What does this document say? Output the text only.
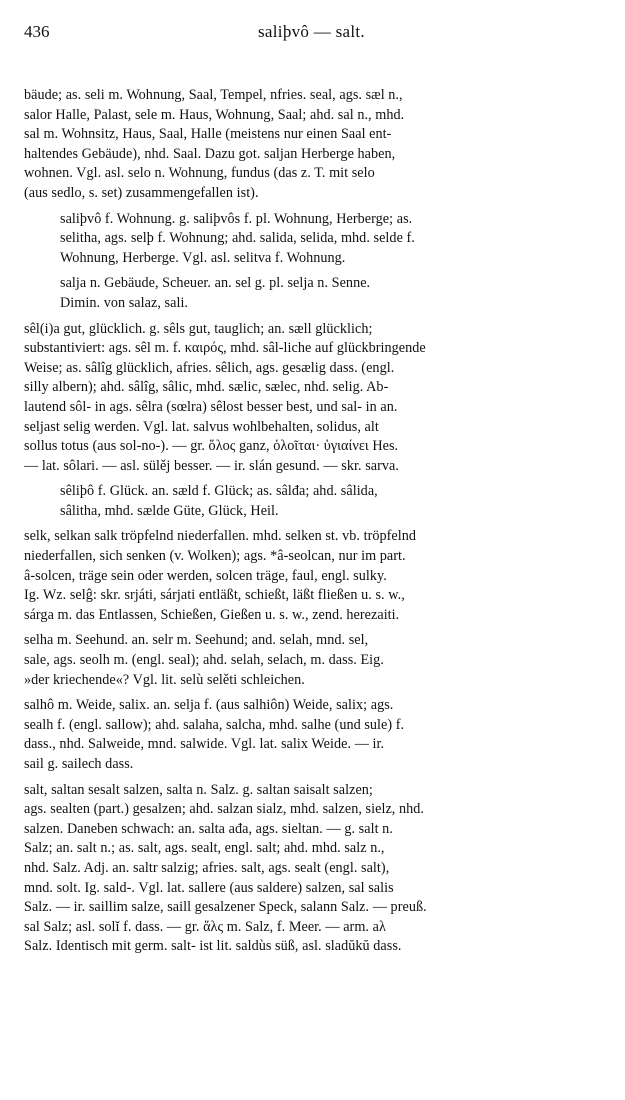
436	saliþvô — salt.
bäude; as. seli m. Wohnung, Saal, Tempel, nfries. seal, ags. sæl n.,
salor Halle, Palast, sele m. Haus, Wohnung, Saal; ahd. sal n., mhd.
sal m. Wohnsitz, Haus, Saal, Halle (meistens nur einen Saal ent-
haltendes Gebäude), nhd. Saal. Dazu got. saljan Herberge haben,
wohnen. Vgl. asl. selo n. Wohnung, fundus (das z. T. mit selo
(aus sedlo, s. set) zusammengefallen ist).
saliþvô f. Wohnung. g. saliþvôs f. pl. Wohnung, Herberge; as.
selitha, ags. selþ f. Wohnung; ahd. salida, selida, mhd. selde f.
Wohnung, Herberge. Vgl. asl. selitva f. Wohnung.
salja n. Gebäude, Scheuer. an. sel g. pl. selja n. Senne.
Dimin. von salaz, sali.
sêl(i)a gut, glücklich. g. sêls gut, tauglich; an. sæll glücklich;
substantiviert: ags. sêl m. f. καιρός, mhd. sâl-liche auf glückbringende
Weise; as. sâlîg glücklich, afries. sêlich, ags. gesælig dass. (engl.
silly albern); ahd. sâlîg, sâlic, mhd. sælic, sælec, nhd. selig. Ab-
lautend sôl- in ags. sêlra (sœlra) sêlost besser best, und sal- in an.
seljast selig werden. Vgl. lat. salvus wohlbehalten, solidus, alt
sollus totus (aus sol-no-). — gr. ὅλος ganz, ὁλοῖται· ὑγιαίνει Hes.
— lat. sôlari. — asl. sülěj besser. — ir. slán gesund. — skr. sarva.
sêliþô f. Glück. an. sæld f. Glück; as. sâlđa; ahd. sâlida,
sâlitha, mhd. sælde Güte, Glück, Heil.
selk, selkan salk tröpfelnd niederfallen. mhd. selken st. vb. tröpfelnd
niederfallen, sich senken (v. Wolken); ags. *â-seolcan, nur im part.
â-solcen, träge sein oder werden, solcen träge, faul, engl. sulky.
Ig. Wz. selĝ: skr. srjáti, sárjati entläßt, schießt, läßt fließen u. s. w.,
sárga m. das Entlassen, Schießen, Gießen u. s. w., zend. herezaiti.
selha m. Seehund. an. selr m. Seehund; and. selah, mnd. sel,
sale, ags. seolh m. (engl. seal); ahd. selah, selach, m. dass. Eig.
»der kriechende«? Vgl. lit. selù selěti schleichen.
salhô m. Weide, salix. an. selja f. (aus salhiôn) Weide, salix; ags.
sealh f. (engl. sallow); ahd. salaha, salcha, mhd. salhe (und sule) f.
dass., nhd. Salweide, mnd. salwide. Vgl. lat. salix Weide. — ir.
sail g. sailech dass.
salt, saltan sesalt salzen, salta n. Salz. g. saltan saisalt salzen;
ags. sealten (part.) gesalzen; ahd. salzan sialz, mhd. salzen, sielz, nhd.
salzen. Daneben schwach: an. salta ađa, ags. sieltan. — g. salt n.
Salz; an. salt n.; as. salt, ags. sealt, engl. salt; ahd. mhd. salz n.,
nhd. Salz. Adj. an. saltr salzig; afries. salt, ags. sealt (engl. salt),
mnd. solt. Ig. sald-. Vgl. lat. sallere (aus saldere) salzen, sal salis
Salz. — ir. saillim salze, saill gesalzener Speck, salann Salz. — preuß.
sal Salz; asl. solĭ f. dass. — gr. ἅλς m. Salz, f. Meer. — arm. aλ
Salz. Identisch mit germ. salt- ist lit. saldùs süß, asl. sladŭkŭ dass.
